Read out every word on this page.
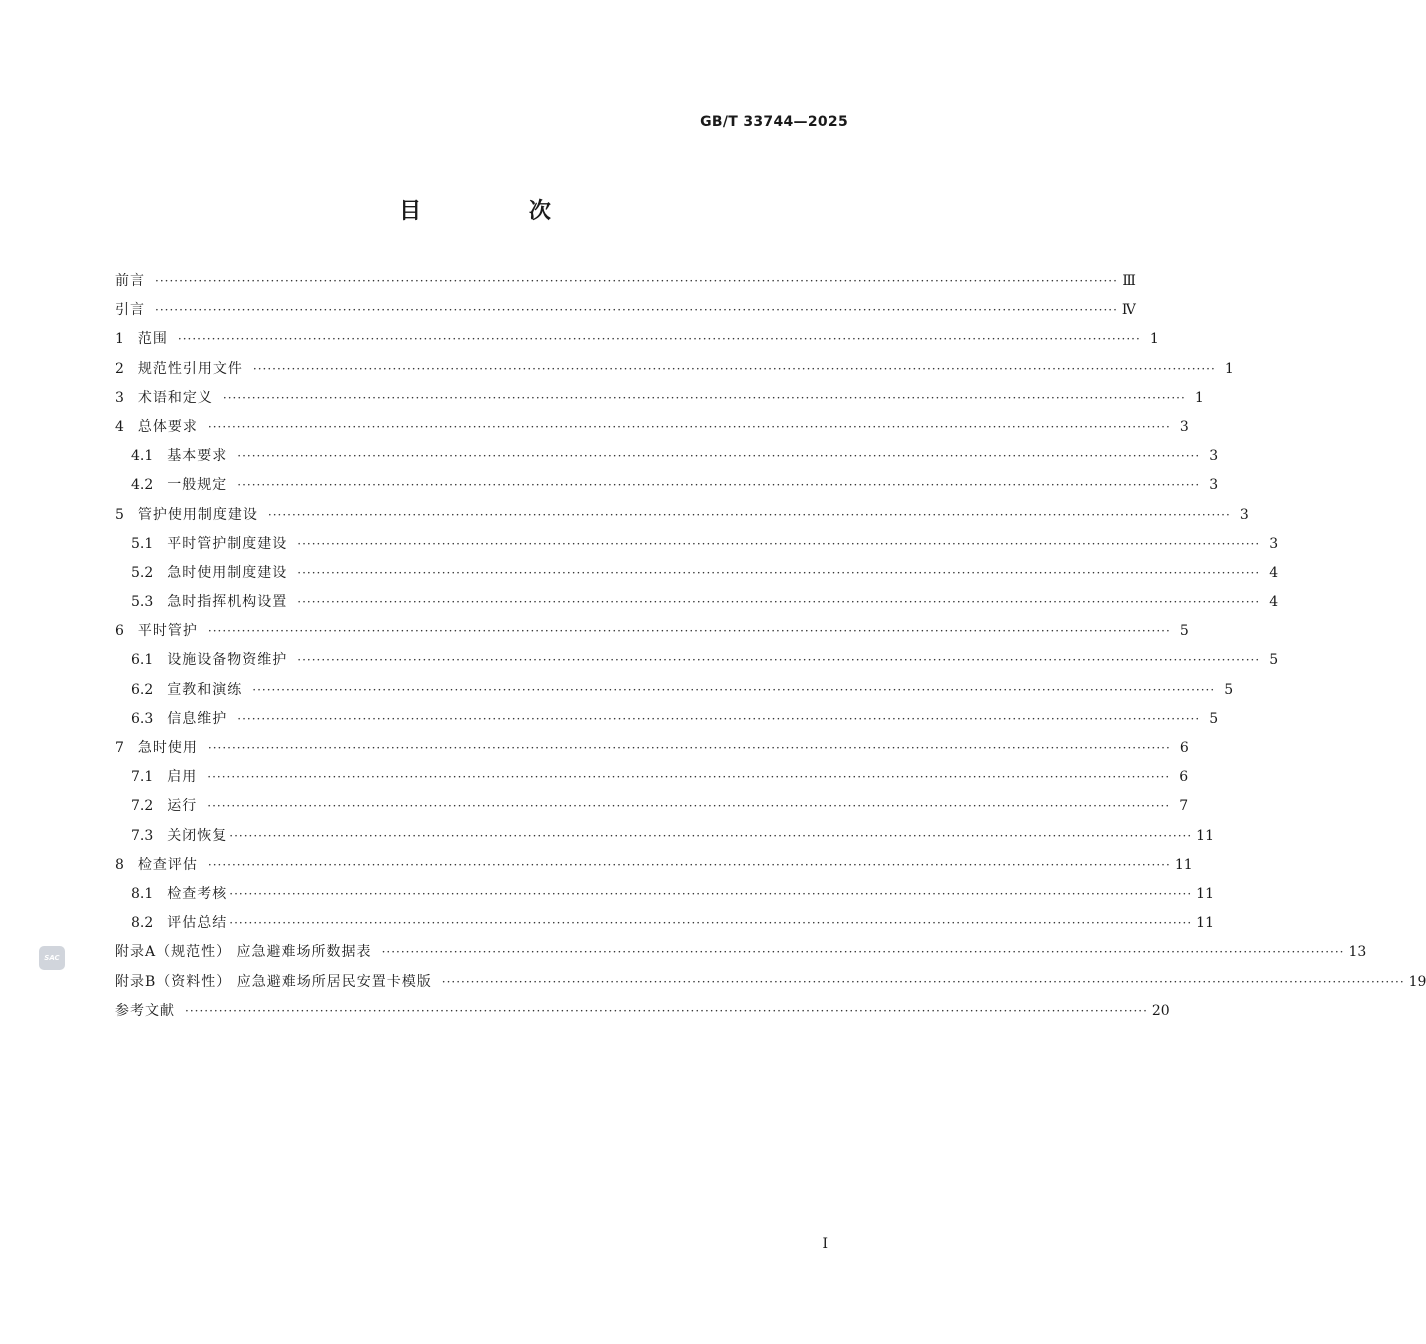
GB/T 33744—2025
目 次
前言 ········································································································································································································ Ⅲ
引言 ········································································································································································································ Ⅳ
1 范围 ········································································································································································································ 1
2 规范性引用文件 ········································································································································································································ 1
3 术语和定义 ········································································································································································································ 1
4 总体要求 ········································································································································································································ 3
4.1 基本要求 ········································································································································································································ 3
4.2 一般规定 ········································································································································································································ 3
5 管护使用制度建设 ········································································································································································································ 3
5.1 平时管护制度建设 ········································································································································································································ 3
5.2 急时使用制度建设 ········································································································································································································ 4
5.3 急时指挥机构设置 ········································································································································································································ 4
6 平时管护 ········································································································································································································ 5
6.1 设施设备物资维护 ········································································································································································································ 5
6.2 宣教和演练 ········································································································································································································ 5
6.3 信息维护 ········································································································································································································ 5
7 急时使用 ········································································································································································································ 6
7.1 启用 ········································································································································································································ 6
7.2 运行 ········································································································································································································ 7
7.3 关闭恢复 ········································································································································································································ 11
8 检查评估 ········································································································································································································ 11
8.1 检查考核 ········································································································································································································ 11
8.2 评估总结 ········································································································································································································ 11
附录A（规范性） 应急避难场所数据表 ········································································································································································································ 13
附录B（资料性） 应急避难场所居民安置卡模版 ········································································································································································································ 19
参考文献 ········································································································································································································ 20
SAC
I
